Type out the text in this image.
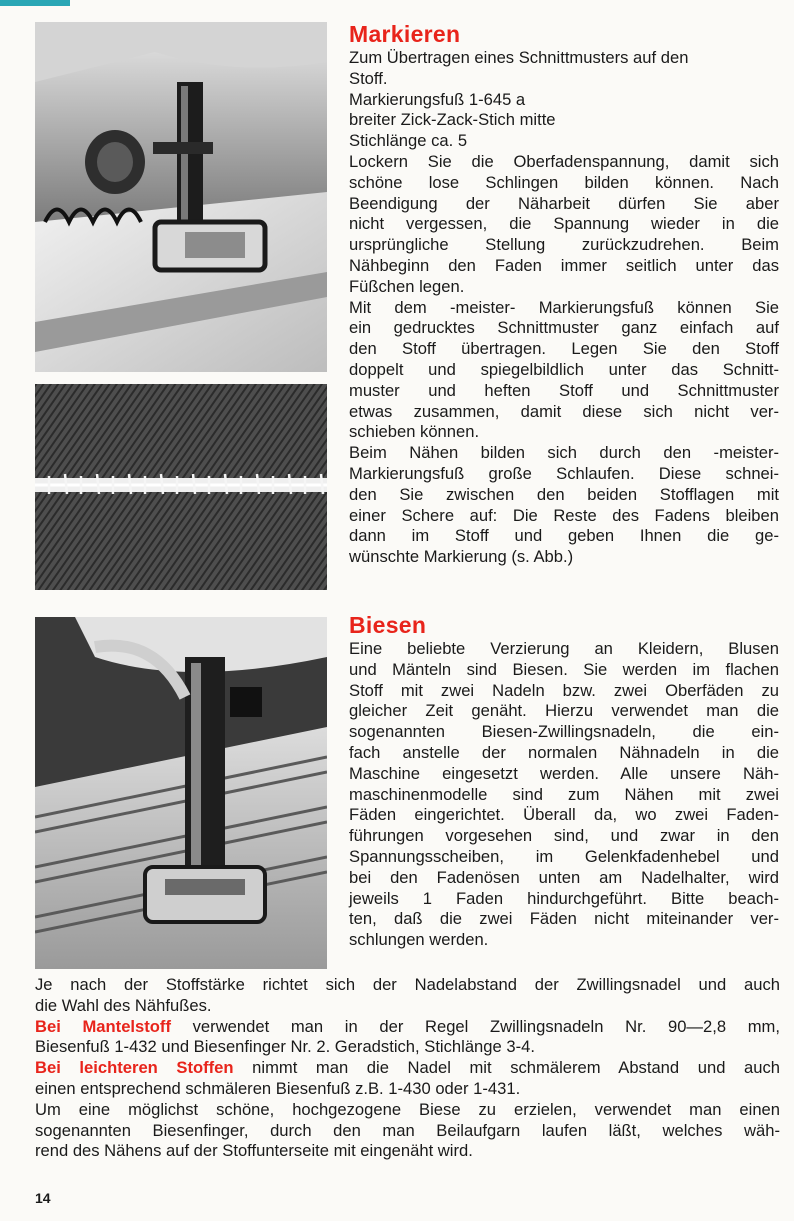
Markieren

Zum Übertragen eines Schnittmusters auf den

Stoff.

Markierungsfuß 1-645 a

breiter Zick-Zack-Stich mitte

Stichlänge ca. 5

Lockern Sie die Oberfadenspannung, damit sich

schöne lose Schlingen bilden können. Nach

Beendigung der Näharbeit dürfen Sie aber

nicht vergessen, die Spannung wieder in die

ursprüngliche Stellung zurückzudrehen. Beim

Nähbeginn den Faden immer seitlich unter das

Füßchen legen.

Mit dem -meister- Markierungsfuß können Sie

ein gedrucktes Schnittmuster ganz einfach auf

den Stoff übertragen. Legen Sie den Stoff

doppelt und spiegelbildlich unter das Schnitt-

muster und heften Stoff und Schnittmuster

etwas zusammen, damit diese sich nicht ver-

schieben können.

Beim Nähen bilden sich durch den -meister-

Markierungsfuß große Schlaufen. Diese schnei-

den Sie zwischen den beiden Stofflagen mit

einer Schere auf: Die Reste des Fadens bleiben

dann im Stoff und geben Ihnen die ge-

wünschte Markierung (s. Abb.)

Biesen

Eine beliebte Verzierung an Kleidern, Blusen

und Mänteln sind Biesen. Sie werden im flachen

Stoff mit zwei Nadeln bzw. zwei Oberfäden zu

gleicher Zeit genäht. Hierzu verwendet man die

sogenannten Biesen-Zwillingsnadeln, die ein-

fach anstelle der normalen Nähnadeln in die

Maschine eingesetzt werden. Alle unsere Näh-

maschinenmodelle sind zum Nähen mit zwei

Fäden eingerichtet. Überall da, wo zwei Faden-

führungen vorgesehen sind, und zwar in den

Spannungsscheiben, im Gelenkfadenhebel und

bei den Fadenösen unten am Nadelhalter, wird

jeweils 1 Faden hindurchgeführt. Bitte beach-

ten, daß die zwei Fäden nicht miteinander ver-

schlungen werden.

Je nach der Stoffstärke richtet sich der Nadelabstand der Zwillingsnadel und auch

die Wahl des Nähfußes.

Bei Mantelstoff verwendet man in der Regel Zwillingsnadeln Nr. 90—2,8 mm,

Biesenfuß 1-432 und Biesenfinger Nr. 2. Geradstich, Stichlänge 3-4.

Bei leichteren Stoffen nimmt man die Nadel mit schmälerem Abstand und auch

einen entsprechend schmäleren Biesenfuß z.B. 1-430 oder 1-431.

Um eine möglichst schöne, hochgezogene Biese zu erzielen, verwendet man einen

sogenannten Biesenfinger, durch den man Beilaufgarn laufen läßt, welches wäh-

rend des Nähens auf der Stoffunterseite mit eingenäht wird.

14
